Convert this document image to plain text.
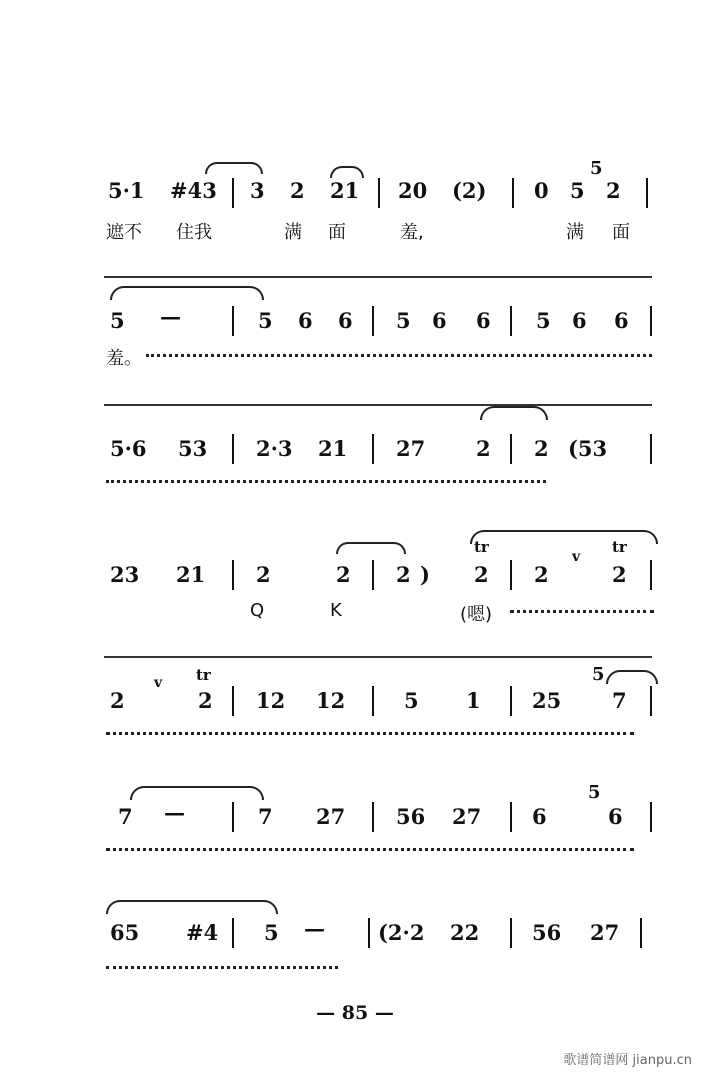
5·1 #43 3 2 21 20 (2) 0 5
5
2
遮不 住我	满 面	羞,	满 面
5 —	5 6 6 5 6 6 5 6 6
羞。
5·6 53 2·3 21 27 2 2 (53
23 21 2	2 2 )
tr
2 2
v
tr
2
Q	K	(嗯)
2
v tr
2 12 12	5 1 25
5
7
7 —	7 27 56 27 6
5
6
65 #4 5 —	(2·2 22	56 27
— 85 —
歌谱简谱网 jianpu.cn
